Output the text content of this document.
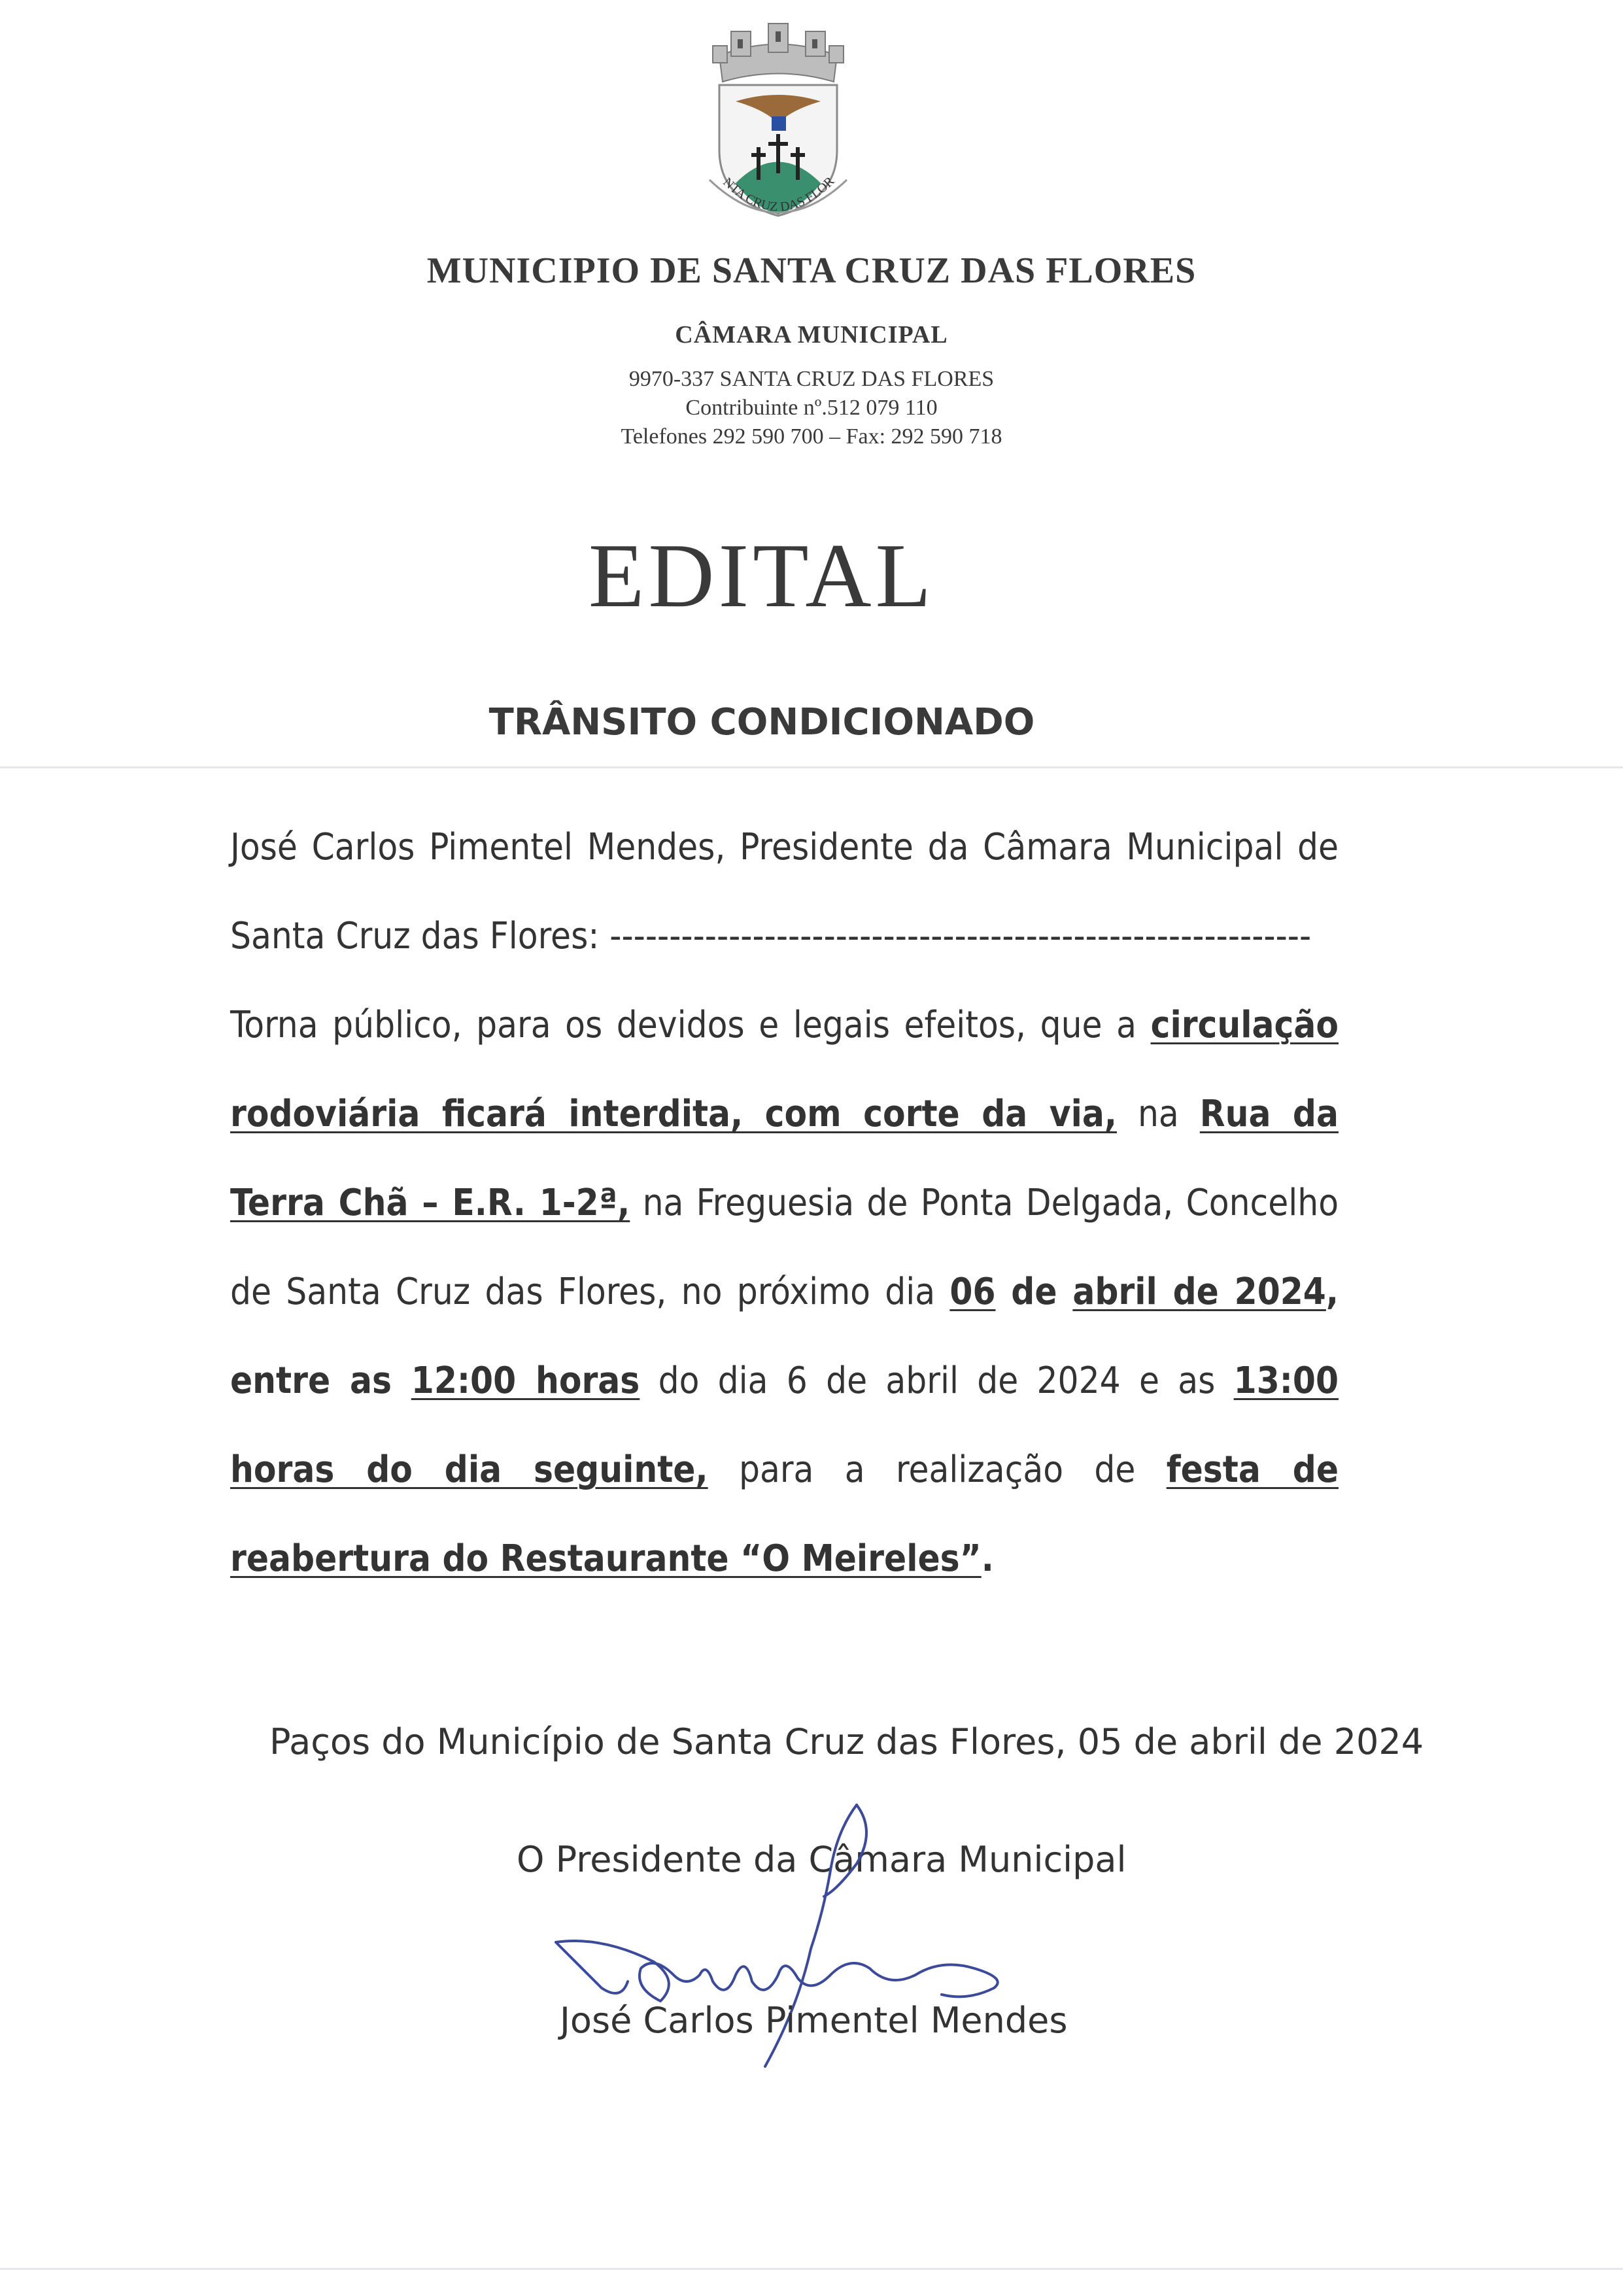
NTA CRUZ DAS FLOR
MUNICIPIO DE SANTA CRUZ DAS FLORES
CÂMARA MUNICIPAL
9970-337 SANTA CRUZ DAS FLORES
Contribuinte nº.512 079 110
Telefones 292 590 700 – Fax: 292 590 718
EDITAL
TRÂNSITO CONDICIONADO

José Carlos Pimentel Mendes, Presidente da Câmara Municipal de Santa Cruz das Flores: -----------------------------------------------------------

Torna público, para os devidos e legais efeitos, que a circulação rodoviária ficará interdita, com corte da via, na Rua da Terra Chã – E.R. 1-2ª, na Freguesia de Ponta Delgada, Concelho de Santa Cruz das Flores, no próximo dia 06 de abril de 2024, entre as 12:00 horas do dia 6 de abril de 2024 e as 13:00 horas do dia seguinte, para a realização de festa de reabertura do Restaurante “O Meireles”.

Paços do Município de Santa Cruz das Flores, 05 de abril de 2024
O Presidente da Câmara Municipal
José Carlos Pimentel Mendes
